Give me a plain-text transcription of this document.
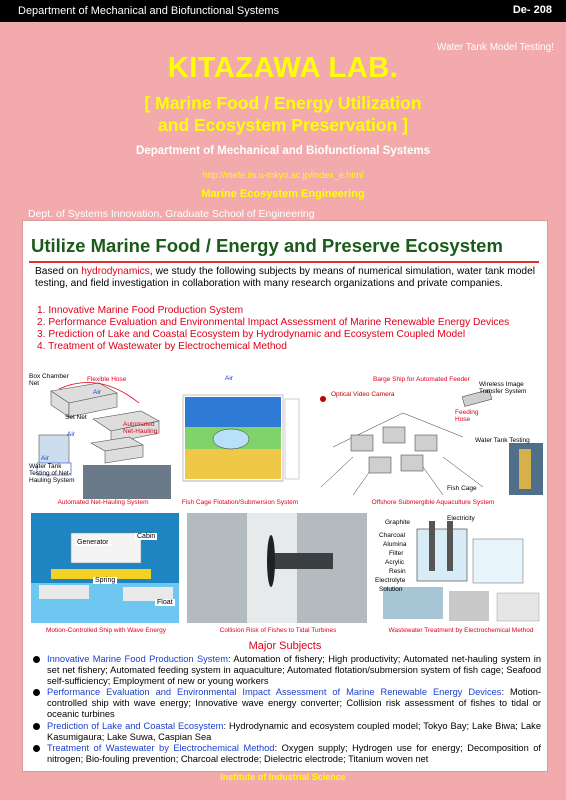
Department of Mechanical and Biofunctional Systems	De- 208
Water Tank Model Testing!
KITAZAWA LAB.
[ Marine Food / Energy Utilization
and Ecosystem Preservation ]
Department of Mechanical and Biofunctional Systems
http://mefe.iis.u-tokyo.ac.jp/index_e.html
Marine Ecosystem Engineering
Dept. of Systems Innovation, Graduate School of Engineering
Utilize Marine Food / Energy and Preserve Ecosystem
Based on hydrodynamics, we study the following subjects by means of numerical simulation, water tank model testing, and field investigation in collaboration with many research organizations and private companies.
1. Innovative Marine Food Production System
2. Performance Evaluation and Environmental Impact Assessment of Marine Renewable Energy Devices
3. Prediction of Lake and Coastal Ecosystem by Hydrodynamic and Ecosystem Coupled Model
4. Treatment of Wastewater by Electrochemical Method
Box Chamber Net
Flexible Hose
Air
Set Net
Air
Automated Net-Hauling
Air
Water Tank Testing of Net-Hauling System
Automated Net-Hauling System
Air
Fish Cage Flotation/Submersion System
Barge Ship for Automated Feeder
Optical Video Camera
Wireless Image Transfer System
Feeding Hose
Water Tank Testing
Fish Cage
Offshore Submergible Aquaculture System
Generator
Cabin
Spring
Float
Motion-Controlled Ship with Wave Energy	Collision Risk of Fishes to Tidal Turbines
Graphite
Electricity
Charcoal
Alumina
Filter
Acrylic
Resin
Electrolyte
Solution
Wastewater Treatment by Electrochemical Method
Major Subjects
Innovative Marine Food Production System: Automation of fishery; High productivity; Automated net-hauling system in set net fishery; Automated feeding system in aquaculture; Automated flotation/submersion system of fish cage; Seafood self-sufficiency; Employment of new or young workers
Performance Evaluation and Environmental Impact Assessment of Marine Renewable Energy Devices: Motion-controlled ship with wave energy; Innovative wave energy converter; Collision risk assessment of fishes to tidal or oceanic turbines
Prediction of Lake and Coastal Ecosystem: Hydrodynamic and ecosystem coupled model; Tokyo Bay; Lake Biwa; Lake Kasumigaura; Lake Suwa, Caspian Sea
Treatment of Wastewater by Electrochemical Method: Oxygen supply; Hydrogen use for energy; Decomposition of nitrogen; Bio-fouling prevention; Charcoal electrode; Dielectric electrode; Titanium woven net
Institute of Industrial Science
